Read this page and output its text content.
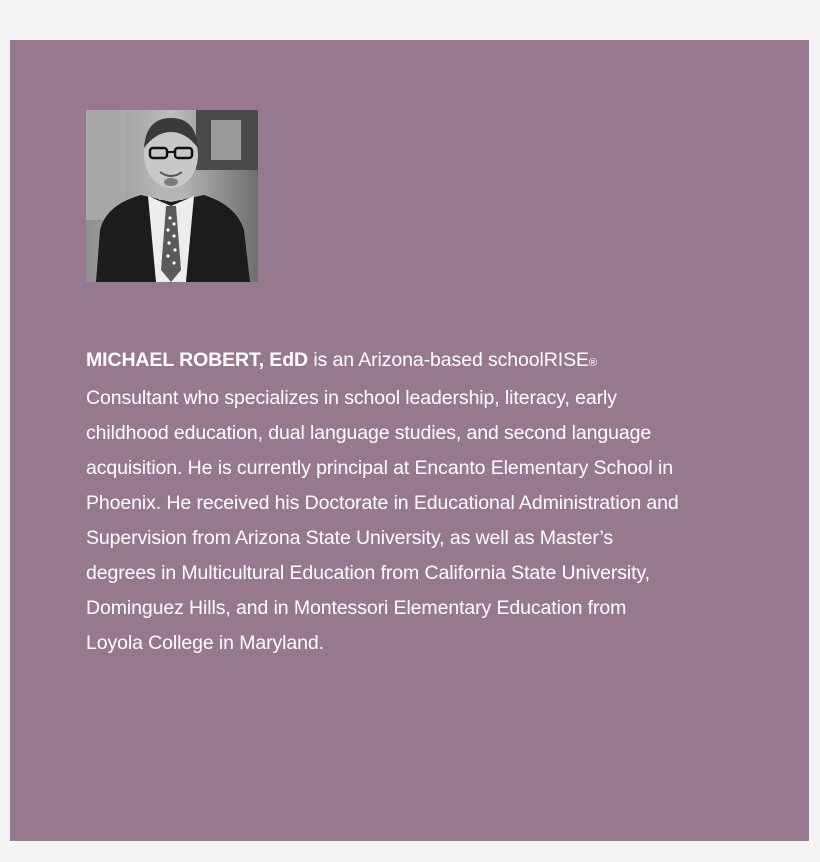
MICHAEL ROBERT, EdD is an Arizona-based schoolRISE® Consultant who specializes in school leadership, literacy, early childhood education, dual language studies, and second language acquisition. He is currently principal at Encanto Elementary School in Phoenix. He received his Doctorate in Educational Administration and Supervision from Arizona State University, as well as Master’s degrees in Multicultural Education from California State University, Dominguez Hills, and in Montessori Elementary Education from Loyola College in Maryland.
